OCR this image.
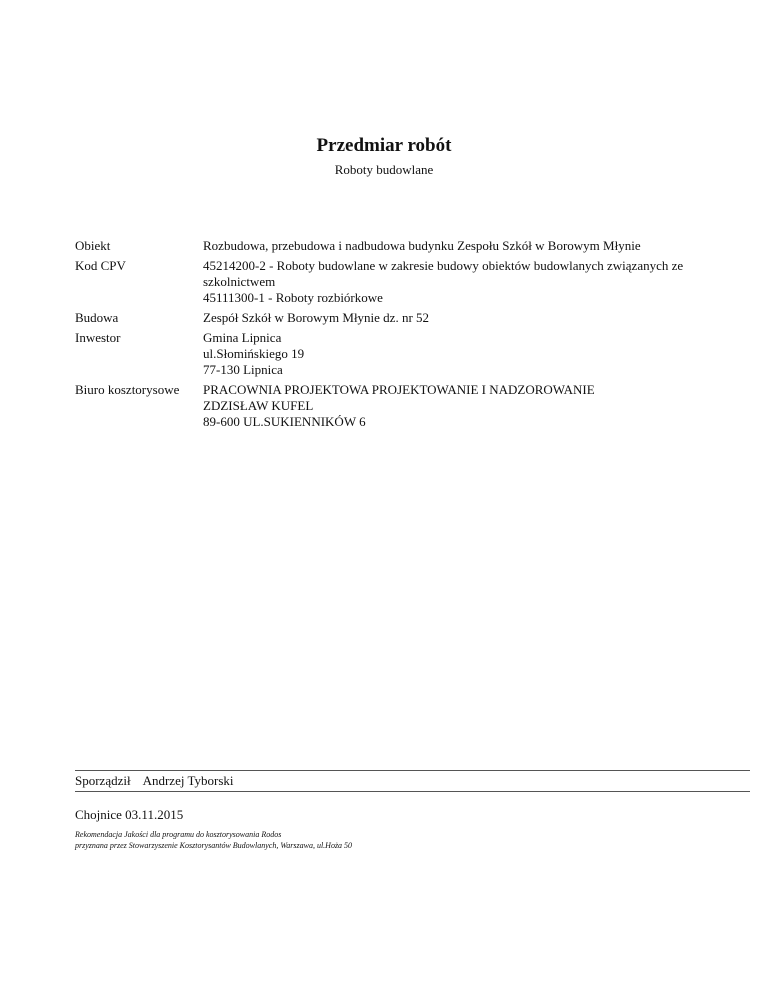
Przedmiar robót
Roboty budowlane
Obiekt	Rozbudowa, przebudowa i nadbudowa budynku Zespołu Szkół w Borowym Młynie
Kod CPV	45214200-2 - Roboty budowlane w zakresie budowy obiektów budowlanych związanych ze
szkolnictwem
45111300-1 - Roboty rozbiórkowe
Budowa	Zespół Szkół w Borowym Młynie dz. nr 52
Inwestor	Gmina Lipnica
ul.Słomińskiego 19
77-130 Lipnica
Biuro kosztorysowe	PRACOWNIA PROJEKTOWA PROJEKTOWANIE I NADZOROWANIE
ZDZISŁAW KUFEL
89-600 UL.SUKIENNIKÓW 6
Sporządził Andrzej Tyborski
Chojnice 03.11.2015
Rekomendacja Jakości dla programu do kosztorysowania Rodos
przyznana przez Stowarzyszenie Kosztorysantów Budowlanych, Warszawa, ul.Hoża 50
